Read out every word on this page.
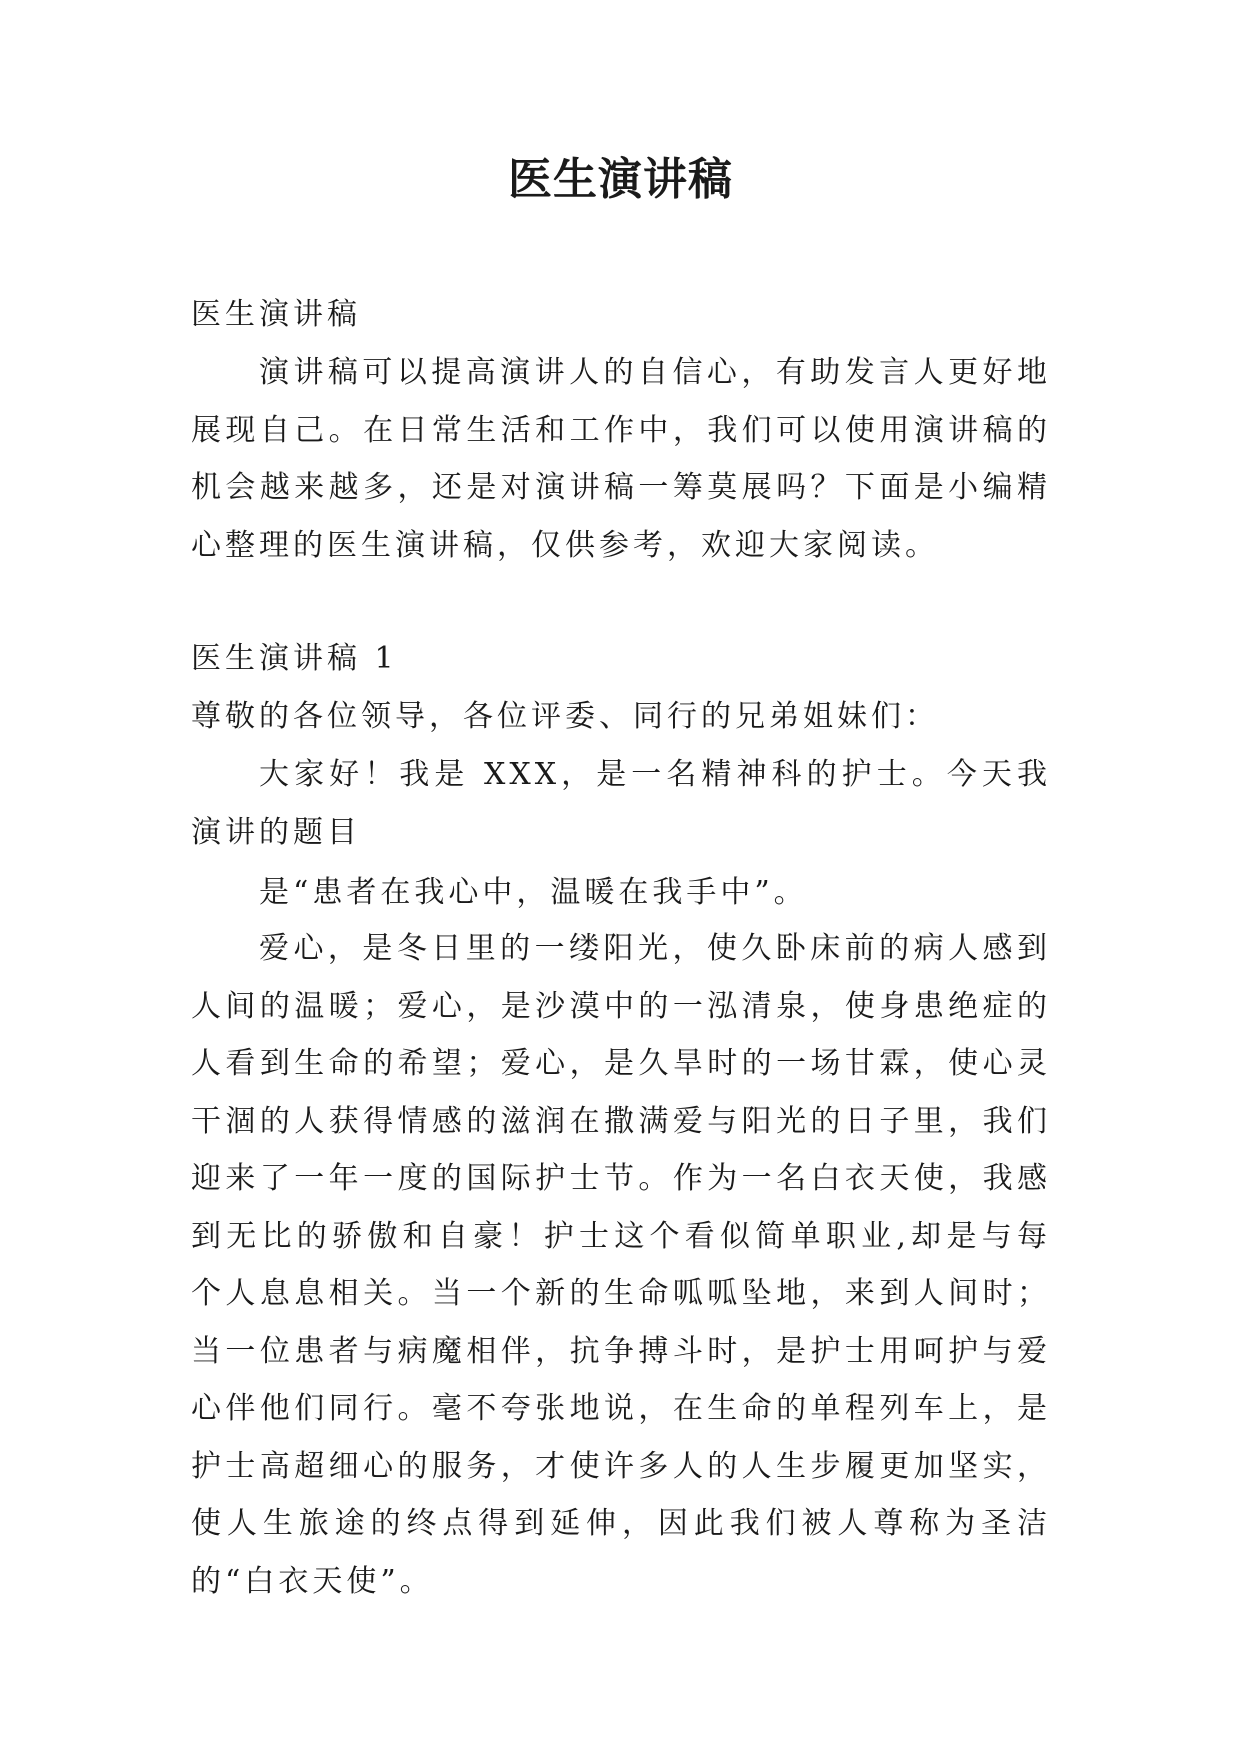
医生演讲稿

医生演讲稿

演讲稿可以提高演讲人的自信心，有助发言人更好地展现自己。在日常生活和工作中，我们可以使用演讲稿的机会越来越多，还是对演讲稿一筹莫展吗？下面是小编精心整理的医生演讲稿，仅供参考，欢迎大家阅读。

医生演讲稿 1

尊敬的各位领导，各位评委、同行的兄弟姐妹们：

大家好！我是 XXX，是一名精神科的护士。今天我演讲的题目

是“患者在我心中，温暖在我手中”。

爱心，是冬日里的一缕阳光，使久卧床前的病人感到人间的温暖；爱心，是沙漠中的一泓清泉，使身患绝症的人看到生命的希望；爱心，是久旱时的一场甘霖，使心灵干涸的人获得情感的滋润在撒满爱与阳光的日子里，我们迎来了一年一度的国际护士节。作为一名白衣天使，我感到无比的骄傲和自豪！护士这个看似简单职业,却是与每个人息息相关。当一个新的生命呱呱坠地，来到人间时；当一位患者与病魔相伴，抗争搏斗时，是护士用呵护与爱心伴他们同行。毫不夸张地说，在生命的单程列车上，是护士高超细心的服务，才使许多人的人生步履更加坚实，使人生旅途的终点得到延伸，因此我们被人尊称为圣洁的“白衣天使”。
